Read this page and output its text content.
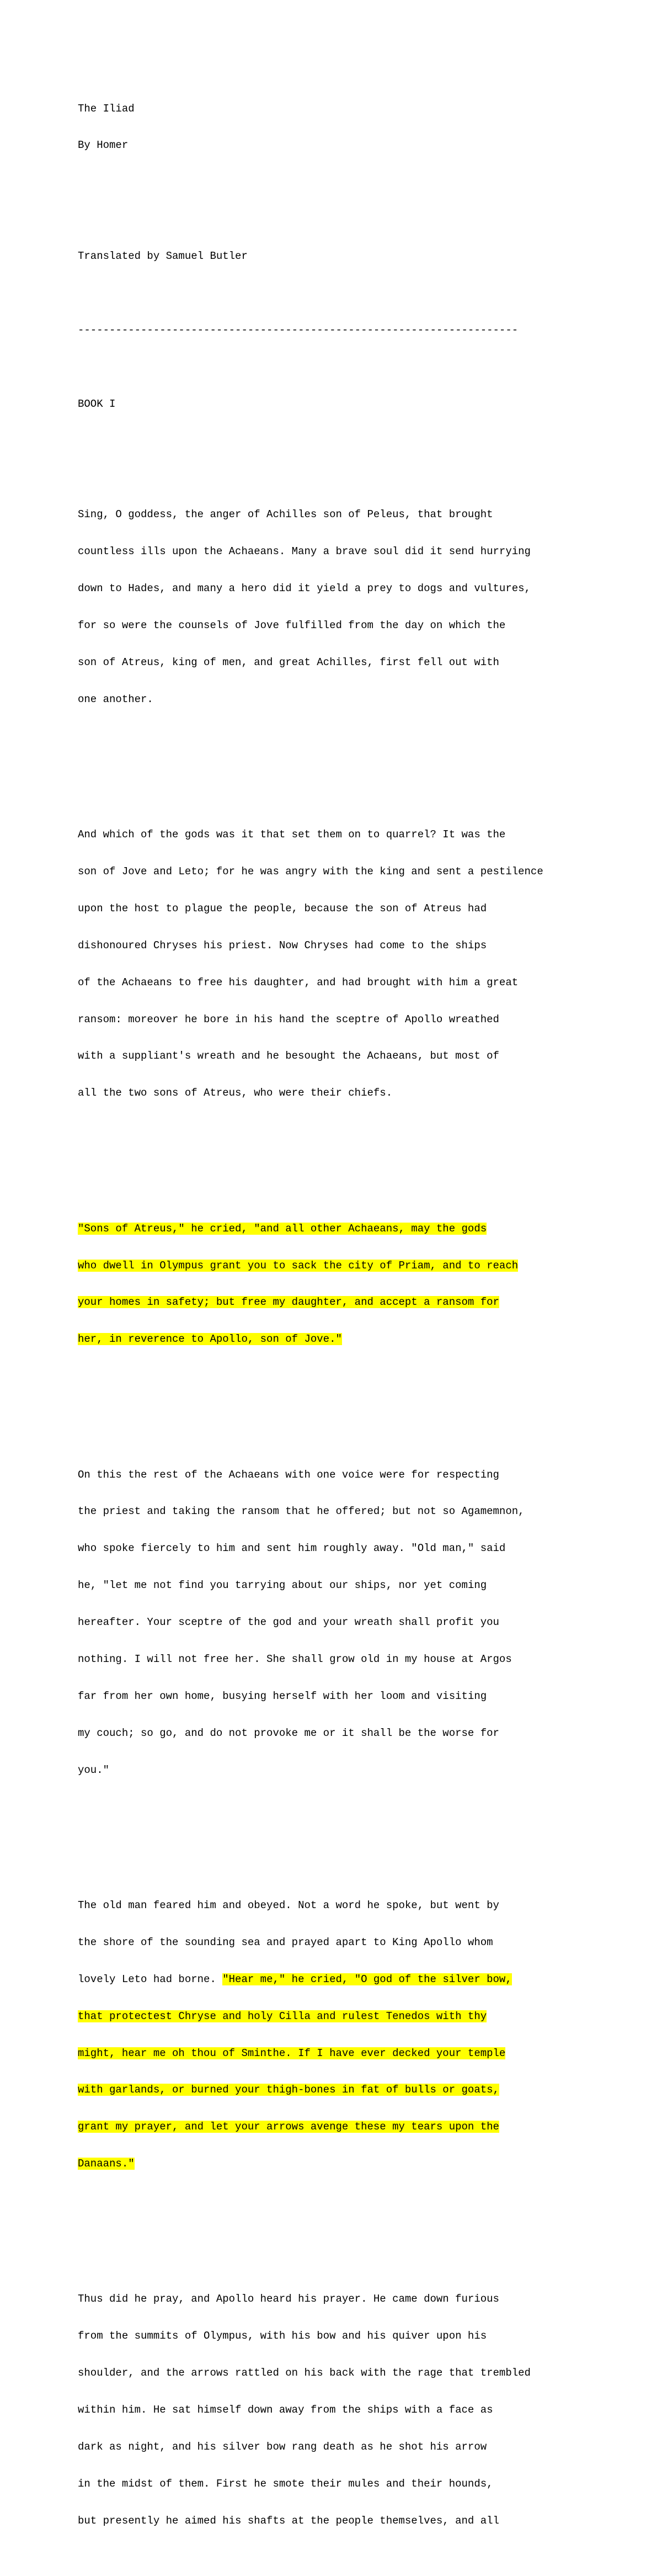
The Iliad

By Homer

Translated by Samuel Butler

----------------------------------------------------------------------

BOOK I

Sing, O goddess, the anger of Achilles son of Peleus, that brought

countless ills upon the Achaeans. Many a brave soul did it send hurrying

down to Hades, and many a hero did it yield a prey to dogs and vultures,

for so were the counsels of Jove fulfilled from the day on which the

son of Atreus, king of men, and great Achilles, first fell out with

one another.

And which of the gods was it that set them on to quarrel? It was the

son of Jove and Leto; for he was angry with the king and sent a pestilence

upon the host to plague the people, because the son of Atreus had

dishonoured Chryses his priest. Now Chryses had come to the ships

of the Achaeans to free his daughter, and had brought with him a great

ransom: moreover he bore in his hand the sceptre of Apollo wreathed

with a suppliant's wreath and he besought the Achaeans, but most of

all the two sons of Atreus, who were their chiefs.

"Sons of Atreus," he cried, "and all other Achaeans, may the gods

who dwell in Olympus grant you to sack the city of Priam, and to reach

your homes in safety; but free my daughter, and accept a ransom for

her, in reverence to Apollo, son of Jove."

On this the rest of the Achaeans with one voice were for respecting

the priest and taking the ransom that he offered; but not so Agamemnon,

who spoke fiercely to him and sent him roughly away. "Old man," said

he, "let me not find you tarrying about our ships, nor yet coming

hereafter. Your sceptre of the god and your wreath shall profit you

nothing. I will not free her. She shall grow old in my house at Argos

far from her own home, busying herself with her loom and visiting

my couch; so go, and do not provoke me or it shall be the worse for

you."

The old man feared him and obeyed. Not a word he spoke, but went by

the shore of the sounding sea and prayed apart to King Apollo whom

lovely Leto had borne. "Hear me," he cried, "O god of the silver bow,

that protectest Chryse and holy Cilla and rulest Tenedos with thy

might, hear me oh thou of Sminthe. If I have ever decked your temple

with garlands, or burned your thigh-bones in fat of bulls or goats,

grant my prayer, and let your arrows avenge these my tears upon the

Danaans."

Thus did he pray, and Apollo heard his prayer. He came down furious

from the summits of Olympus, with his bow and his quiver upon his

shoulder, and the arrows rattled on his back with the rage that trembled

within him. He sat himself down away from the ships with a face as

dark as night, and his silver bow rang death as he shot his arrow

in the midst of them. First he smote their mules and their hounds,

but presently he aimed his shafts at the people themselves, and all
